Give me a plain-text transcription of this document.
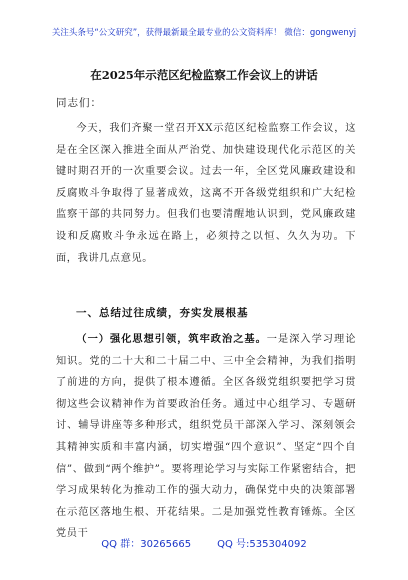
关注头条号“公文研究”，获得最新最全最专业的公文资料库！ 微信：gongwenyj
在2025年示范区纪检监察工作会议上的讲话
同志们：

今天，我们齐聚一堂召开XX示范区纪检监察工作会议，这是在全区深入推进全面从严治党、加快建设现代化示范区的关键时期召开的一次重要会议。过去一年，全区党风廉政建设和反腐败斗争取得了显著成效，这离不开各级党组织和广大纪检监察干部的共同努力。但我们也要清醒地认识到，党风廉政建设和反腐败斗争永远在路上，必须持之以恒、久久为功。下面，我讲几点意见。

一、总结过往成绩，夯实发展根基

（一）强化思想引领，筑牢政治之基。一是深入学习理论知识。党的二十大和二十届二中、三中全会精神，为我们指明了前进的方向，提供了根本遵循。全区各级党组织要把学习贯彻这些会议精神作为首要政治任务。通过中心组学习、专题研讨、辅导讲座等多种形式，组织党员干部深入学习、深刻领会其精神实质和丰富内涵，切实增强“四个意识”、坚定“四个自信”、做到“两个维护”。要将理论学习与实际工作紧密结合，把学习成果转化为推动工作的强大动力，确保党中央的决策部署在示范区落地生根、开花结果。二是加强党性教育锤炼。全区党员干

QQ 群：30265665	QQ 号:535304092
